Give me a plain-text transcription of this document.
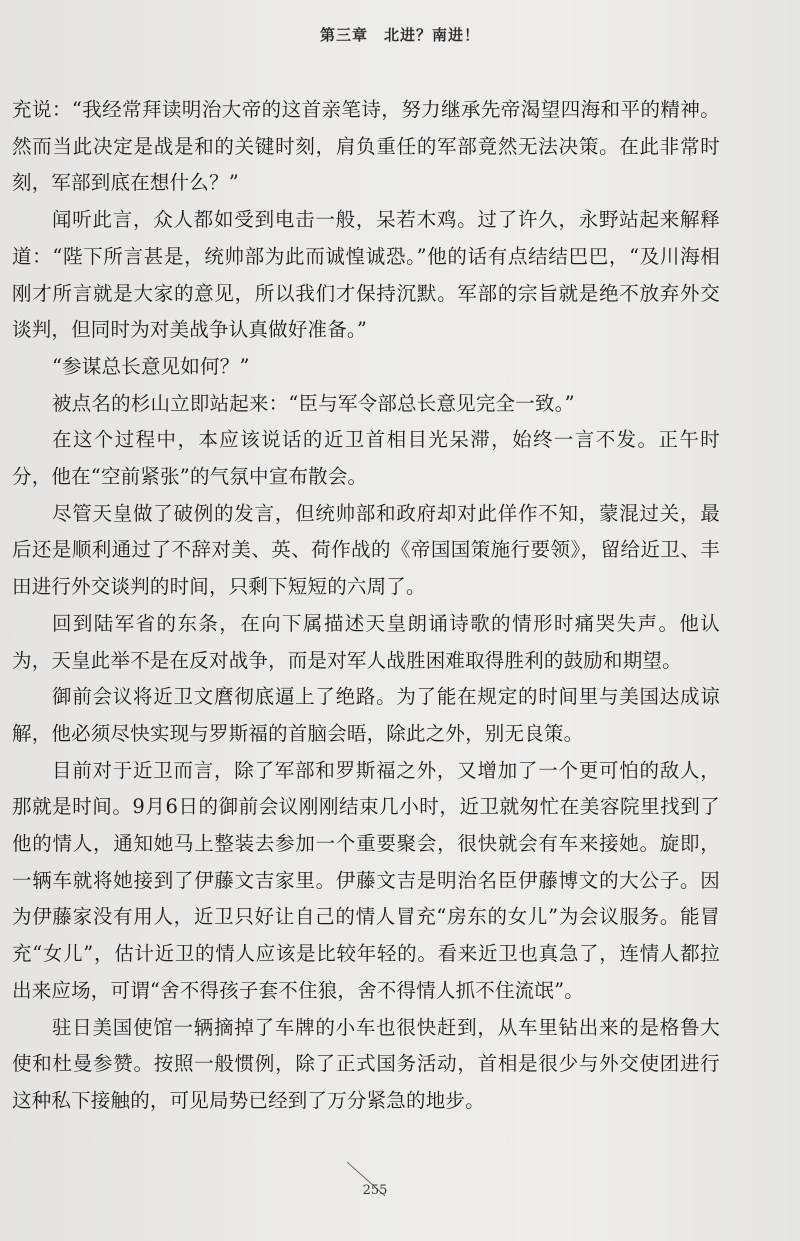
第三章　北进？南进！

充说：“我经常拜读明治大帝的这首亲笔诗，努力继承先帝渴望四海和平的精神。然而当此决定是战是和的关键时刻，肩负重任的军部竟然无法决策。在此非常时刻，军部到底在想什么？”

闻听此言，众人都如受到电击一般，呆若木鸡。过了许久，永野站起来解释道：“陛下所言甚是，统帅部为此而诚惶诚恐。”他的话有点结结巴巴，“及川海相刚才所言就是大家的意见，所以我们才保持沉默。军部的宗旨就是绝不放弃外交谈判，但同时为对美战争认真做好准备。”

“参谋总长意见如何？”

被点名的杉山立即站起来：“臣与军令部总长意见完全一致。”

在这个过程中，本应该说话的近卫首相目光呆滞，始终一言不发。正午时分，他在“空前紧张”的气氛中宣布散会。

尽管天皇做了破例的发言，但统帅部和政府却对此佯作不知，蒙混过关，最后还是顺利通过了不辞对美、英、荷作战的《帝国国策施行要领》，留给近卫、丰田进行外交谈判的时间，只剩下短短的六周了。

回到陆军省的东条，在向下属描述天皇朗诵诗歌的情形时痛哭失声。他认为，天皇此举不是在反对战争，而是对军人战胜困难取得胜利的鼓励和期望。

御前会议将近卫文麿彻底逼上了绝路。为了能在规定的时间里与美国达成谅解，他必须尽快实现与罗斯福的首脑会晤，除此之外，别无良策。

目前对于近卫而言，除了军部和罗斯福之外，又增加了一个更可怕的敌人，那就是时间。9月6日的御前会议刚刚结束几小时，近卫就匆忙在美容院里找到了他的情人，通知她马上整装去参加一个重要聚会，很快就会有车来接她。旋即，一辆车就将她接到了伊藤文吉家里。伊藤文吉是明治名臣伊藤博文的大公子。因为伊藤家没有用人，近卫只好让自己的情人冒充“房东的女儿”为会议服务。能冒充“女儿”，估计近卫的情人应该是比较年轻的。看来近卫也真急了，连情人都拉出来应场，可谓“舍不得孩子套不住狼，舍不得情人抓不住流氓”。

驻日美国使馆一辆摘掉了车牌的小车也很快赶到，从车里钻出来的是格鲁大使和杜曼参赞。按照一般惯例，除了正式国务活动，首相是很少与外交使团进行这种私下接触的，可见局势已经到了万分紧急的地步。

255
